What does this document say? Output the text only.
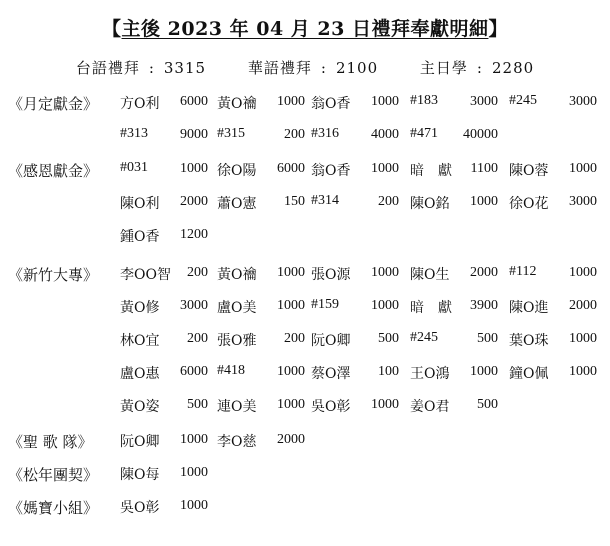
【主後 2023 年 04 月 23 日禮拜奉獻明細】
台語禮拜 : 3315	華語禮拜 : 2100	主日學 : 2280
《月定獻金》 方O利	6000 黃O禴	1000 翁O香	1000 #183	3000 #245	3000
#313	9000 #315	200 #316	4000 #471	40000
《感恩獻金》 #031	1000 徐O陽	6000 翁O香	1000 暗　獻	1100 陳O蓉	1000
陳O利	2000 蕭O憲	150 #314	200 陳O銘	1000 徐O花	3000
鍾O香	1200
《新竹大專》 李OO智	200 黃O禴	1000 張O源	1000 陳O生	2000 #112	1000
黃O修	3000 盧O美	1000 #159	1000 暗　獻	3900 陳O進	2000
林O宜	200 張O雅	200 阮O卿	500 #245	500 葉O珠	1000
盧O惠	6000 #418	1000 蔡O澤	100 王O鴻	1000 鐘O佩	1000
黃O姿	500 連O美	1000 吳O彰	1000 姜O君	500
《聖 歌 隊》 阮O卿	1000 李O慈	2000
《松年團契》 陳O每	1000
《媽寶小組》 吳O彰	1000
